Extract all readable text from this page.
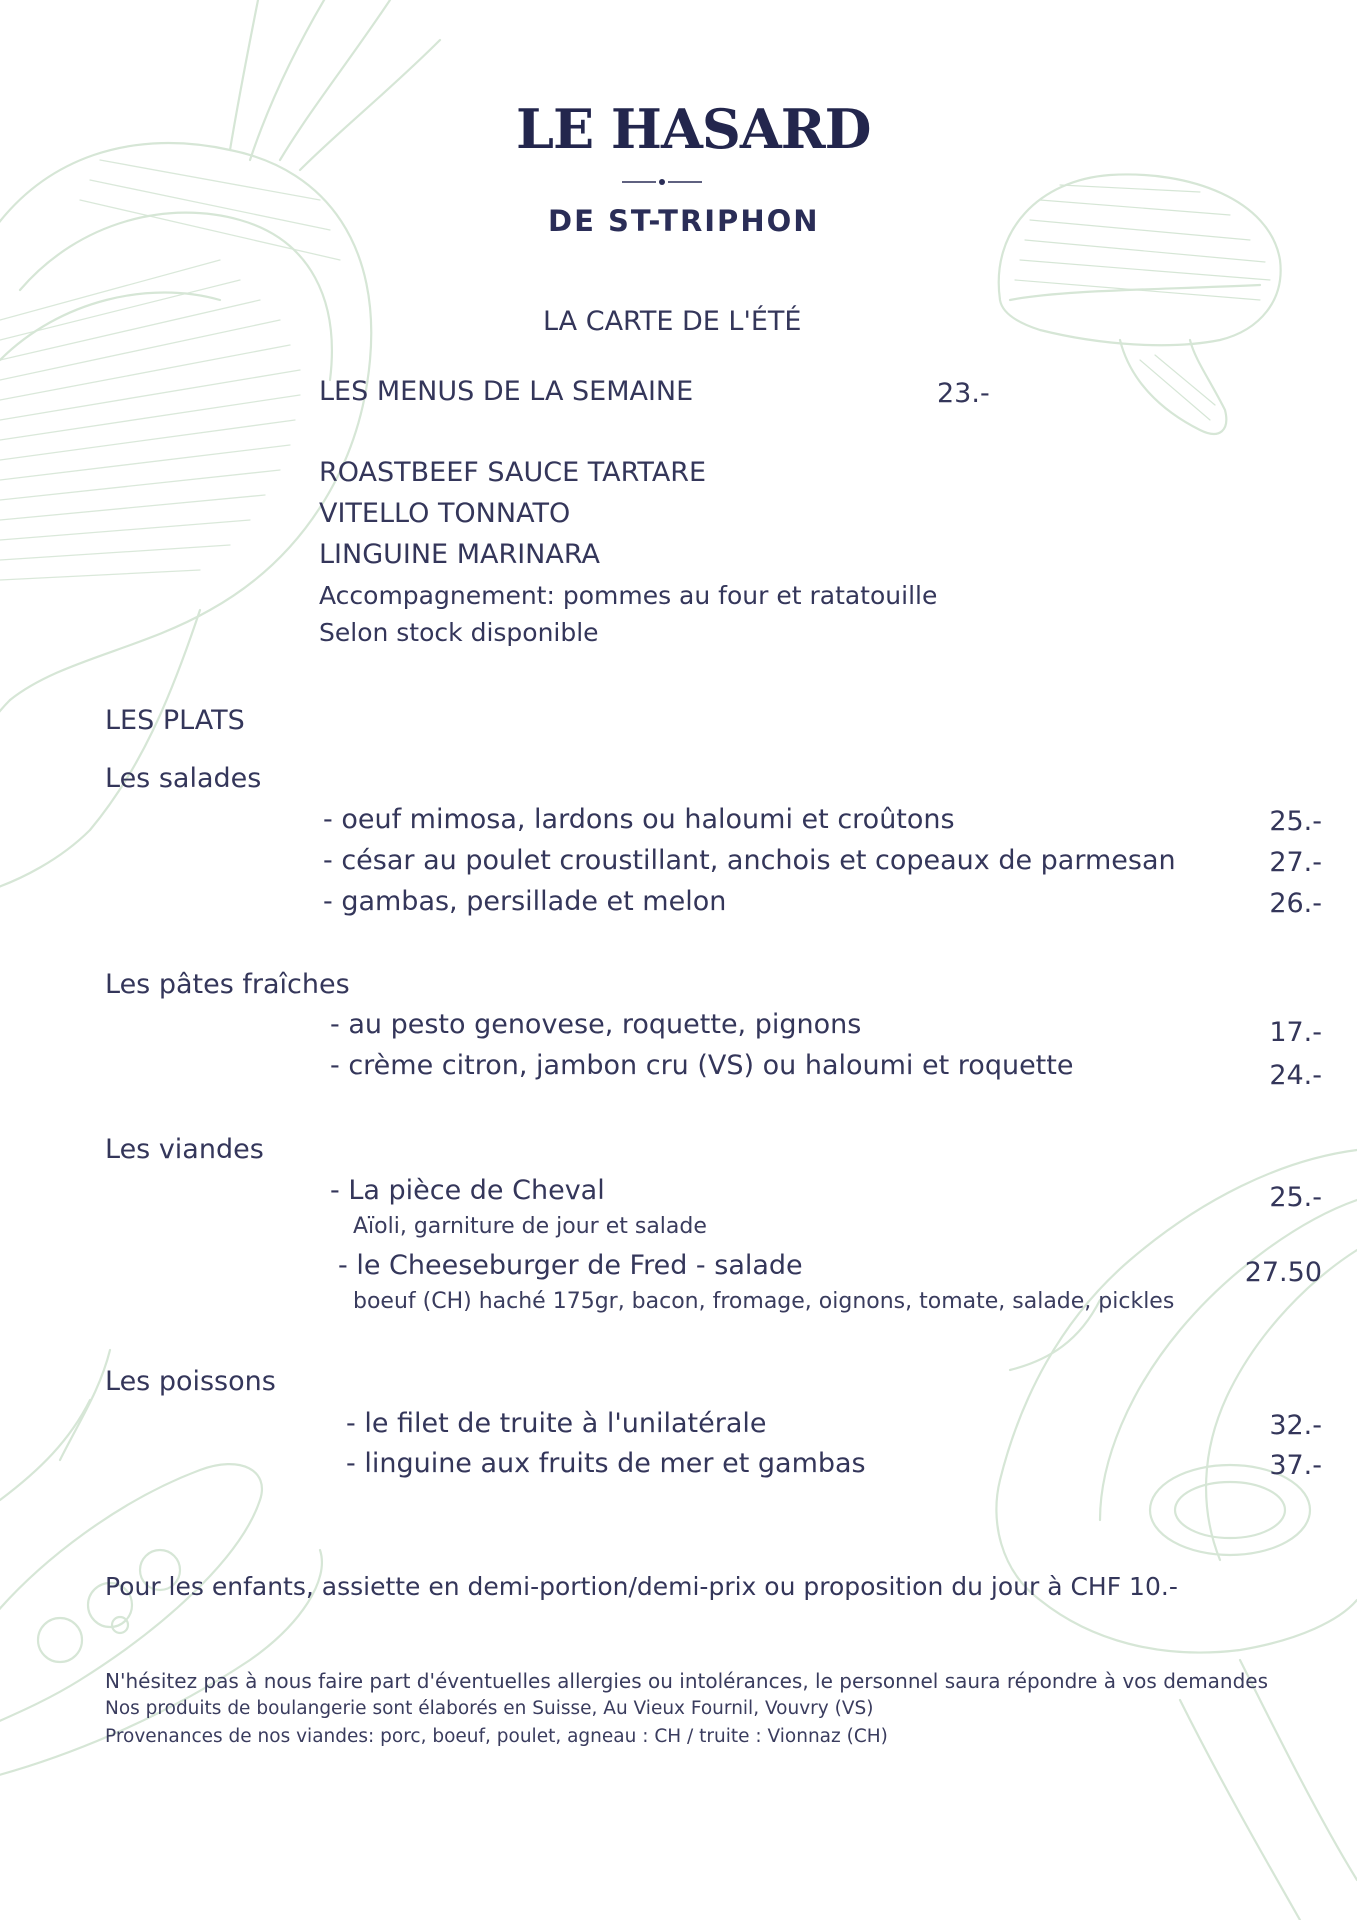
LE HASARD
DE ST-TRIPHON
LA CARTE DE L'ÉTÉ
LES MENUS DE LA SEMAINE	23.-
ROASTBEEF SAUCE TARTARE
VITELLO TONNATO
LINGUINE MARINARA
Accompagnement: pommes au four et ratatouille
Selon stock disponible
LES PLATS
Les salades
- oeuf mimosa, lardons ou haloumi et croûtons	25.-
- césar au poulet croustillant, anchois et copeaux de parmesan	27.-
- gambas, persillade et melon	26.-
Les pâtes fraîches
- au pesto genovese, roquette, pignons	17.-
- crème citron, jambon cru (VS) ou haloumi et roquette	24.-
Les viandes
- La pièce de Cheval	25.-
Aïoli, garniture de jour et salade
- le Cheeseburger de Fred - salade	27.50
boeuf (CH) haché 175gr, bacon, fromage, oignons, tomate, salade, pickles
Les poissons
- le filet de truite à l'unilatérale	32.-
- linguine aux fruits de mer et gambas	37.-
Pour les enfants, assiette en demi-portion/demi-prix ou proposition du jour à CHF 10.-
N'hésitez pas à nous faire part d'éventuelles allergies ou intolérances, le personnel saura répondre à vos demandes
Nos produits de boulangerie sont élaborés en Suisse, Au Vieux Fournil, Vouvry (VS)
Provenances de nos viandes: porc, boeuf, poulet, agneau : CH / truite : Vionnaz (CH)
